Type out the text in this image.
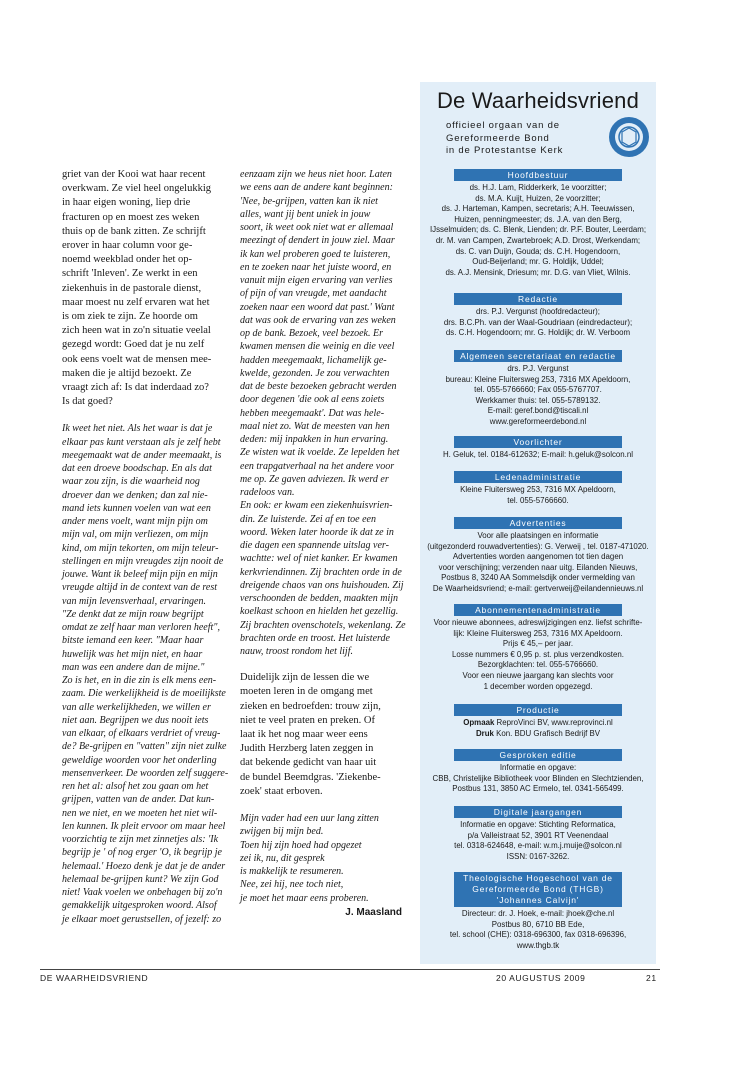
griet van der Kooi wat haar recent
overkwam. Ze viel heel ongelukkig
in haar eigen woning, liep drie
fracturen op en moest zes weken
thuis op de bank zitten. Ze schrijft
erover in haar column voor ge-
noemd weekblad onder het op-
schrift 'Inleven'. Ze werkt in een
ziekenhuis in de pastorale dienst,
maar moest nu zelf ervaren wat het
is om ziek te zijn. Ze hoorde om
zich heen wat in zo'n situatie veelal
gezegd wordt: Goed dat je nu zelf
ook eens voelt wat de mensen mee-
maken die je altijd bezoekt. Ze
vraagt zich af: Is dat inderdaad zo?
Is dat goed?

Ik weet het niet. Als het waar is dat je
elkaar pas kunt verstaan als je zelf hebt
meegemaakt wat de ander meemaakt, is
dat een droeve boodschap. En als dat
waar zou zijn, is die waarheid nog
droever dan we denken; dan zal nie-
mand iets kunnen voelen van wat een
ander mens voelt, want mijn pijn om
mijn val, om mijn verliezen, om mijn
kind, om mijn tekorten, om mijn teleur-
stellingen en mijn vreugdes zijn nooit de
jouwe. Want ik beleef mijn pijn en mijn
vreugde altijd in de context van de rest
van mijn levensverhaal, ervaringen.
"Ze denkt dat ze mijn rouw begrijpt
omdat ze zelf haar man verloren heeft",
bitste iemand een keer. "Maar haar
huwelijk was het mijn niet, en haar
man was een andere dan de mijne."
Zo is het, en in die zin is elk mens een-
zaam. Die werkelijkheid is de moeilijkste
van alle werkelijkheden, we willen er
niet aan. Begrijpen we dus nooit iets
van elkaar, of elkaars verdriet of vreug-
de? Be-grijpen en "vatten" zijn niet zulke
geweldige woorden voor het onderling
mensenverkeer. De woorden zelf suggere-
ren het al: alsof het zou gaan om het
grijpen, vatten van de ander. Dat kun-
nen we niet, en we moeten het niet wil-
len kunnen. Ik pleit ervoor om maar heel
voorzichtig te zijn met zinnetjes als: 'Ik
begrijp je ' of nog erger 'O, ik begrijp je
helemaal.' Hoezo denk je dat je de ander
helemaal be-grijpen kunt? We zijn God
niet! Vaak voelen we onbehagen bij zo'n
gemakkelijk uitgesproken woord. Alsof
je elkaar moet gerustsellen, of jezelf: zo

eenzaam zijn we heus niet hoor. Laten
we eens aan de andere kant beginnen:
'Nee, be-grijpen, vatten kan ik niet
alles, want jij bent uniek in jouw
soort, ik weet ook niet wat er allemaal
meezingt of dendert in jouw ziel. Maar
ik kan wel proberen goed te luisteren,
en te zoeken naar het juiste woord, en
vanuit mijn eigen ervaring van verlies
of pijn of van vreugde, met aandacht
zoeken naar een woord dat past.' Want
dat was ook de ervaring van zes weken
op de bank. Bezoek, veel bezoek. Er
kwamen mensen die weinig en die veel
hadden meegemaakt, lichamelijk ge-
kwelde, gezonden. Je zou verwachten
dat de beste bezoeken gebracht werden
door degenen 'die ook al eens zoiets
hebben meegemaakt'. Dat was hele-
maal niet zo. Wat de meesten van hen
deden: mij inpakken in hun ervaring.
Ze wisten wat ik voelde. Ze lepelden het
een trapgatverhaal na het andere voor
me op. Ze gaven adviezen. Ik werd er
radeloos van.
En ook: er kwam een ziekenhuisvrien-
din. Ze luisterde. Zei af en toe een
woord. Weken later hoorde ik dat ze in
die dagen een spannende uitslag ver-
wachtte: wel of niet kanker. Er kwamen
kerkvriendinnen. Zij brachten orde in de
dreigende chaos van ons huishouden. Zij
verschoonden de bedden, maakten mijn
koelkast schoon en hielden het gezellig.
Zij brachten ovenschotels, wekenlang. Ze
brachten orde en troost. Het luisterde
nauw, troost rondom het lijf.

Duidelijk zijn de lessen die we
moeten leren in de omgang met
zieken en bedroefden: trouw zijn,
niet te veel praten en preken. Of
laat ik het nog maar weer eens
Judith Herzberg laten zeggen in
dat bekende gedicht van haar uit
de bundel Beemdgras. 'Ziekenbe-
zoek' staat erboven.

Mijn vader had een uur lang zitten
zwijgen bij mijn bed.
Toen hij zijn hoed had opgezet
zei ik, nu, dit gesprek
is makkelijk te resumeren.
Nee, zei hij, nee toch niet,
je moet het maar eens proberen.

J. Maasland
De Waarheidsvriend
officieel orgaan van de
Gereformeerde Bond
in de Protestantse Kerk
Hoofdbestuur
ds. H.J. Lam, Ridderkerk, 1e voorzitter;
ds. M.A. Kuijt, Huizen, 2e voorzitter;
ds. J. Harteman, Kampen, secretaris; A.H. Teeuwissen,
Huizen, penningmeester; ds. J.A. van den Berg,
IJsselmuiden; ds. C. Blenk, Lienden; dr. P.F. Bouter, Leerdam;
dr. M. van Campen, Zwartebroek; A.D. Drost, Werkendam;
ds. C. van Duijn, Gouda; ds. C.H. Hogendoorn,
Oud-Beijerland; mr. G. Holdijk, Uddel;
ds. A.J. Mensink, Driesum; mr. D.G. van Vliet, Wilnis.
Redactie
drs. P.J. Vergunst (hoofdredacteur);
drs. B.C.Ph. van der Waal-Goudriaan (eindredacteur);
ds. C.H. Hogendoorn; mr. G. Holdijk; dr. W. Verboom
Algemeen secretariaat en redactie
drs. P.J. Vergunst
bureau: Kleine Fluitersweg 253, 7316 MX Apeldoorn,
tel. 055-5766660; Fax 055-5767707.
Werkkamer thuis: tel. 055-5789132.
E-mail: geref.bond@tiscali.nl
www.gereformeerdebond.nl
Voorlichter
H. Geluk, tel. 0184-612632; E-mail: h.geluk@solcon.nl
Ledenadministratie
Kleine Fluitersweg 253, 7316 MX Apeldoorn,
tel. 055-5766660.
Advertenties
Voor alle plaatsingen en informatie
(uitgezonderd rouwadvertenties): G. Verweij , tel. 0187-471020.
Advertenties worden aangenomen tot tien dagen
voor verschijning; verzenden naar uitg. Eilanden Nieuws,
Postbus 8, 3240 AA Sommelsdijk onder vermelding van
De Waarheidsvriend; e-mail: gertverweij@eilandennieuws.nl
Abonnementenadministratie
Voor nieuwe abonnees, adreswijzigingen enz. liefst schrifte-
lijk: Kleine Fluitersweg 253, 7316 MX Apeldoorn.
Prijs € 45,– per jaar.
Losse nummers € 0,95 p. st. plus verzendkosten.
Bezorgklachten: tel. 055-5766660.
Voor een nieuwe jaargang kan slechts voor
1 december worden opgezegd.
Productie
Opmaak ReproVinci BV, www.reprovinci.nl
Druk Kon. BDU Grafisch Bedrijf BV
Gesproken editie
Informatie en opgave:
CBB, Christelijke Bibliotheek voor Blinden en Slechtzienden,
Postbus 131, 3850 AC Ermelo, tel. 0341-565499.
Digitale jaargangen
Informatie en opgave: Stichting Reformatica,
p/a Valleistraat 52, 3901 RT Veenendaal
tel. 0318-624648, e-mail: w.m.j.muije@solcon.nl
ISSN: 0167-3262.
Theologische Hogeschool van de
Gereformeerde Bond (THGB)
'Johannes Calvijn'
Directeur: dr. J. Hoek, e-mail: jhoek@che.nl
Postbus 80, 6710 BB Ede,
tel. school (CHE): 0318-696300, fax 0318-696396,
www.thgb.tk
DE WAARHEIDSVRIEND	20 AUGUSTUS 2009	21
